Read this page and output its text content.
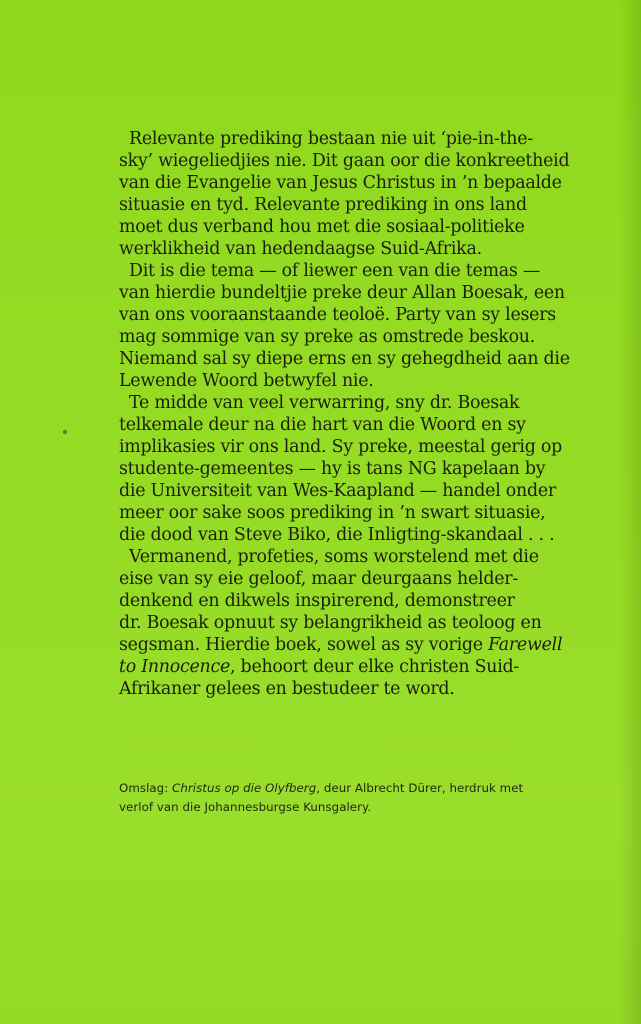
Relevante prediking bestaan nie uit ‘pie-in-the-
sky’ wiegeliedjies nie. Dit gaan oor die konkreetheid
van die Evangelie van Jesus Christus in ’n bepaalde
situasie en tyd. Relevante prediking in ons land
moet dus verband hou met die sosiaal-politieke
werklikheid van hedendaagse Suid-Afrika.
Dit is die tema — of liewer een van die temas —
van hierdie bundeltjie preke deur Allan Boesak, een
van ons vooraanstaande teoloë. Party van sy lesers
mag sommige van sy preke as omstrede beskou.
Niemand sal sy diepe erns en sy gehegdheid aan die
Lewende Woord betwyfel nie.
Te midde van veel verwarring, sny dr. Boesak
telkemale deur na die hart van die Woord en sy
implikasies vir ons land. Sy preke, meestal gerig op
studente-gemeentes — hy is tans NG kapelaan by
die Universiteit van Wes-Kaapland — handel onder
meer oor sake soos prediking in ’n swart situasie,
die dood van Steve Biko, die Inligting-skandaal . . .
Vermanend, profeties, soms worstelend met die
eise van sy eie geloof, maar deurgaans helder-
denkend en dikwels inspirerend, demonstreer
dr. Boesak opnuut sy belangrikheid as teoloog en
segsman. Hierdie boek, sowel as sy vorige Farewell
to Innocence, behoort deur elke christen Suid-
Afrikaner gelees en bestudeer te word.
Omslag: Christus op die Olyfberg, deur Albrecht Dürer, herdruk met
verlof van die Johannesburgse Kunsgalery.
